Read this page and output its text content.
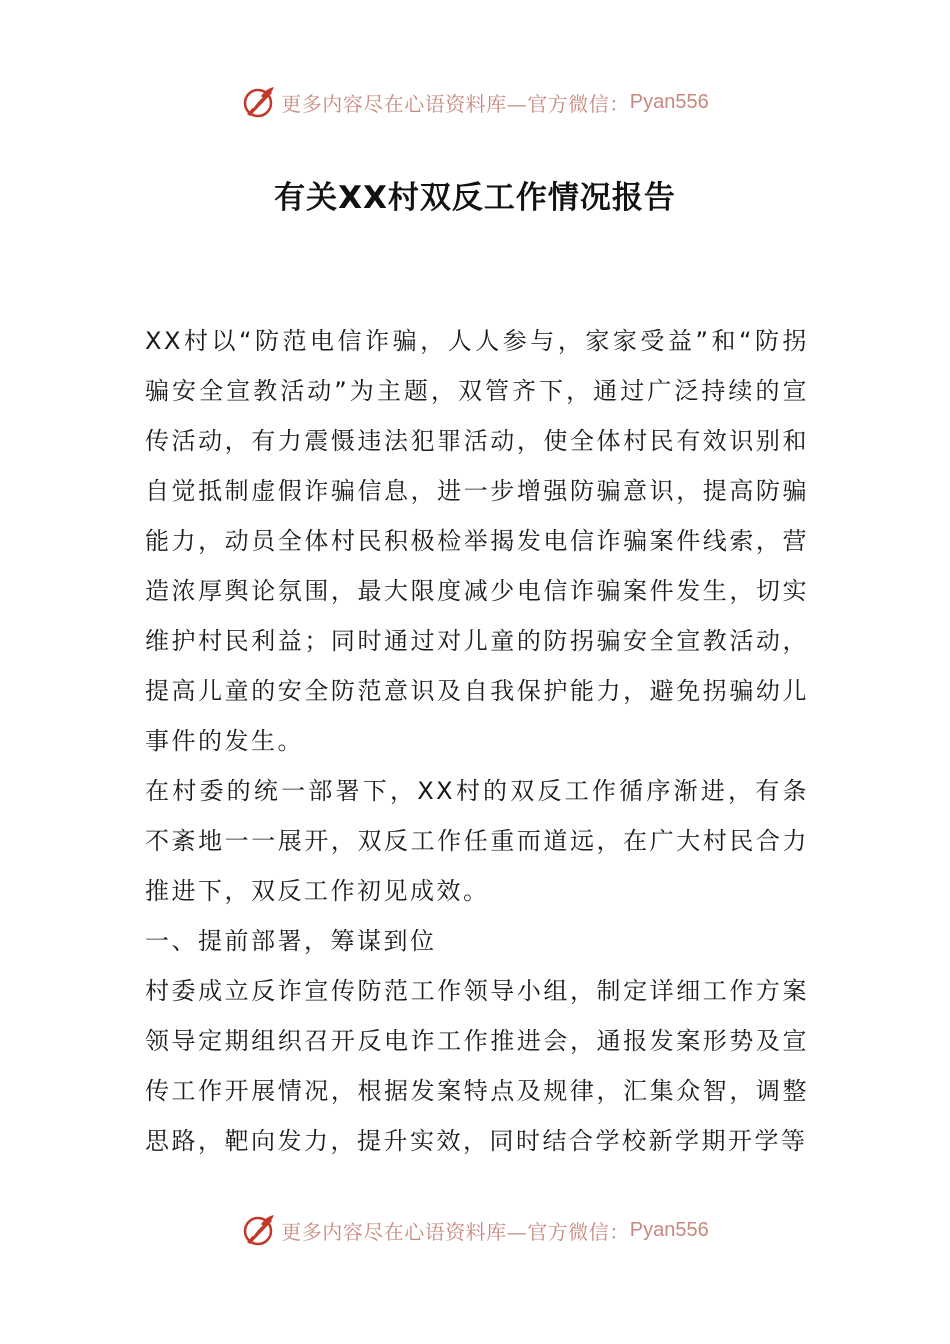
更多内容尽在心语资料库—官方微信： Pyan556
有关XX村双反工作情况报告

XX村以“防范电信诈骗，人人参与，家家受益”和“防拐骗安全宣教活动”为主题，双管齐下，通过广泛持续的宣传活动，有力震慑违法犯罪活动，使全体村民有效识别和自觉抵制虚假诈骗信息，进一步增强防骗意识，提高防骗能力，动员全体村民积极检举揭发电信诈骗案件线索，营造浓厚舆论氛围，最大限度减少电信诈骗案件发生，切实维护村民利益；同时通过对儿童的防拐骗安全宣教活动，提高儿童的安全防范意识及自我保护能力，避免拐骗幼儿事件的发生。

在村委的统一部署下，XX村的双反工作循序渐进，有条不紊地一一展开，双反工作任重而道远，在广大村民合力推进下，双反工作初见成效。

一、提前部署，筹谋到位

村委成立反诈宣传防范工作领导小组，制定详细工作方案领导定期组织召开反电诈工作推进会，通报发案形势及宣传工作开展情况，根据发案特点及规律，汇集众智，调整思路，靶向发力，提升实效，同时结合学校新学期开学等

更多内容尽在心语资料库—官方微信： Pyan556
